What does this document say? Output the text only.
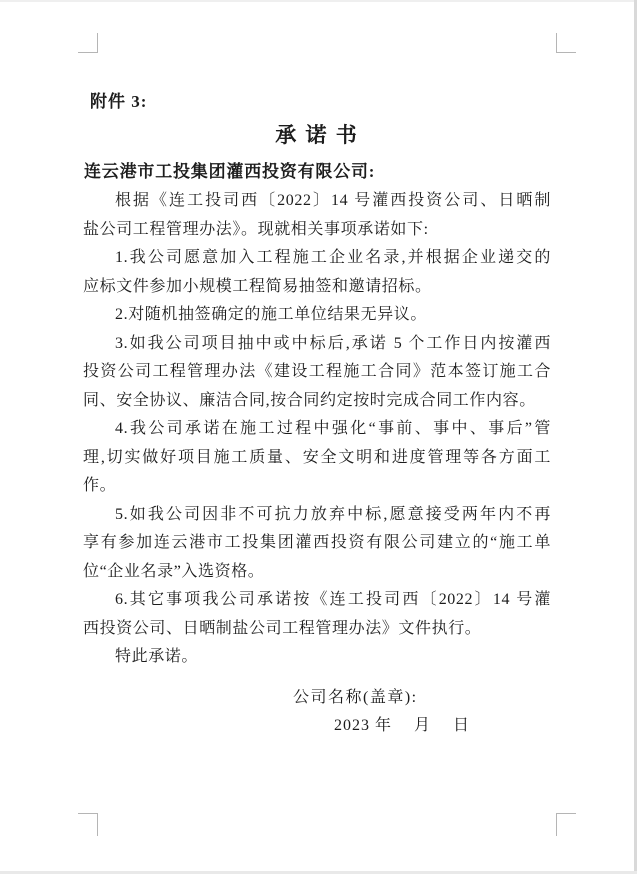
附件 3:
承 诺 书
连云港市工投集团灌西投资有限公司:
根据《连工投司西〔2022〕14 号灌西投资公司、日晒制
盐公司工程管理办法》。现就相关事项承诺如下:
1.我公司愿意加入工程施工企业名录,并根据企业递交的
应标文件参加小规模工程简易抽签和邀请招标。
2.对随机抽签确定的施工单位结果无异议。
3.如我公司项目抽中或中标后,承诺 5 个工作日内按灌西
投资公司工程管理办法《建设工程施工合同》范本签订施工合
同、安全协议、廉洁合同,按合同约定按时完成合同工作内容。
4.我公司承诺在施工过程中强化“事前、事中、事后”管
理,切实做好项目施工质量、安全文明和进度管理等各方面工
作。
5.如我公司因非不可抗力放弃中标,愿意接受两年内不再
享有参加连云港市工投集团灌西投资有限公司建立的“施工单
位“企业名录”入选资格。
6.其它事项我公司承诺按《连工投司西〔2022〕14 号灌
西投资公司、日晒制盐公司工程管理办法》文件执行。
特此承诺。
公司名称(盖章):
2023 年　 月　 日
